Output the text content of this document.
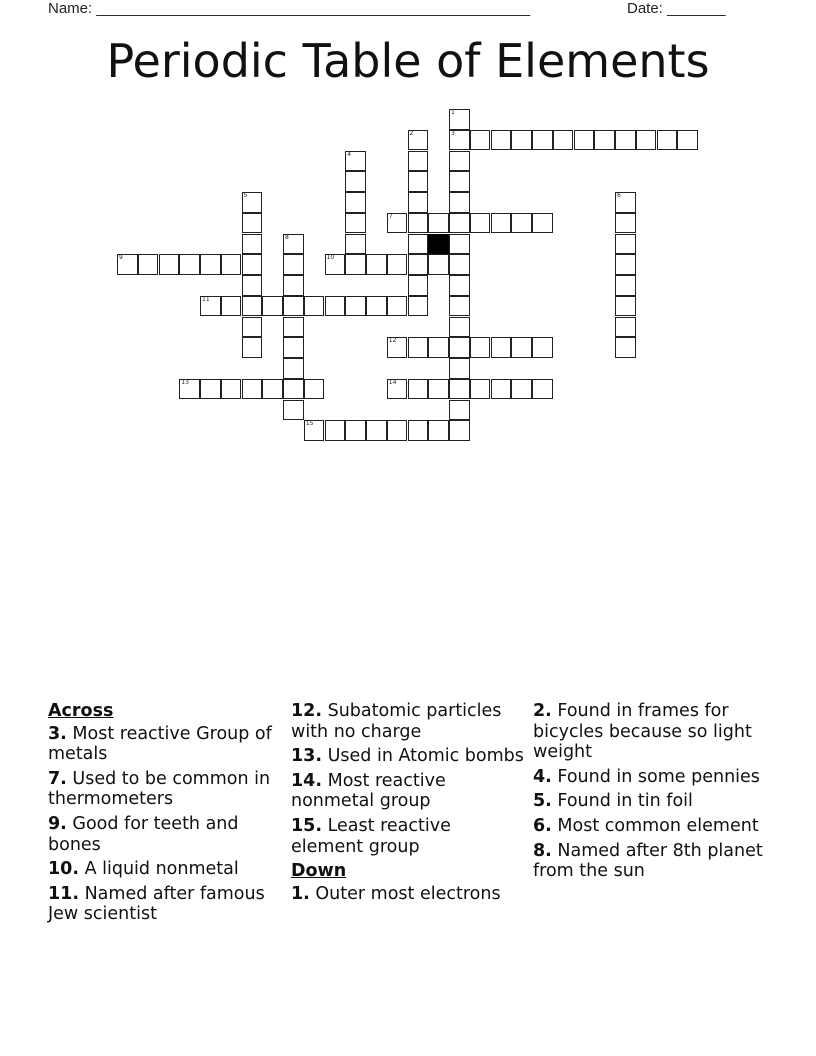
Name: ____________________________________________________	Date: _______
Periodic Table of Elements
1
3
2
4
5	6
7
8
9	10
11
12
13	14
15
Across
3. Most reactive Group of metals
7. Used to be common in thermometers
9. Good for teeth and bones
10. A liquid nonmetal
11. Named after famous Jew scientist
12. Subatomic particles with no charge
13. Used in Atomic bombs
14. Most reactive nonmetal group
15. Least reactive element group
Down
1. Outer most electrons
2. Found in frames for bicycles because so light weight
4. Found in some pennies
5. Found in tin foil
6. Most common element
8. Named after 8th planet from the sun
